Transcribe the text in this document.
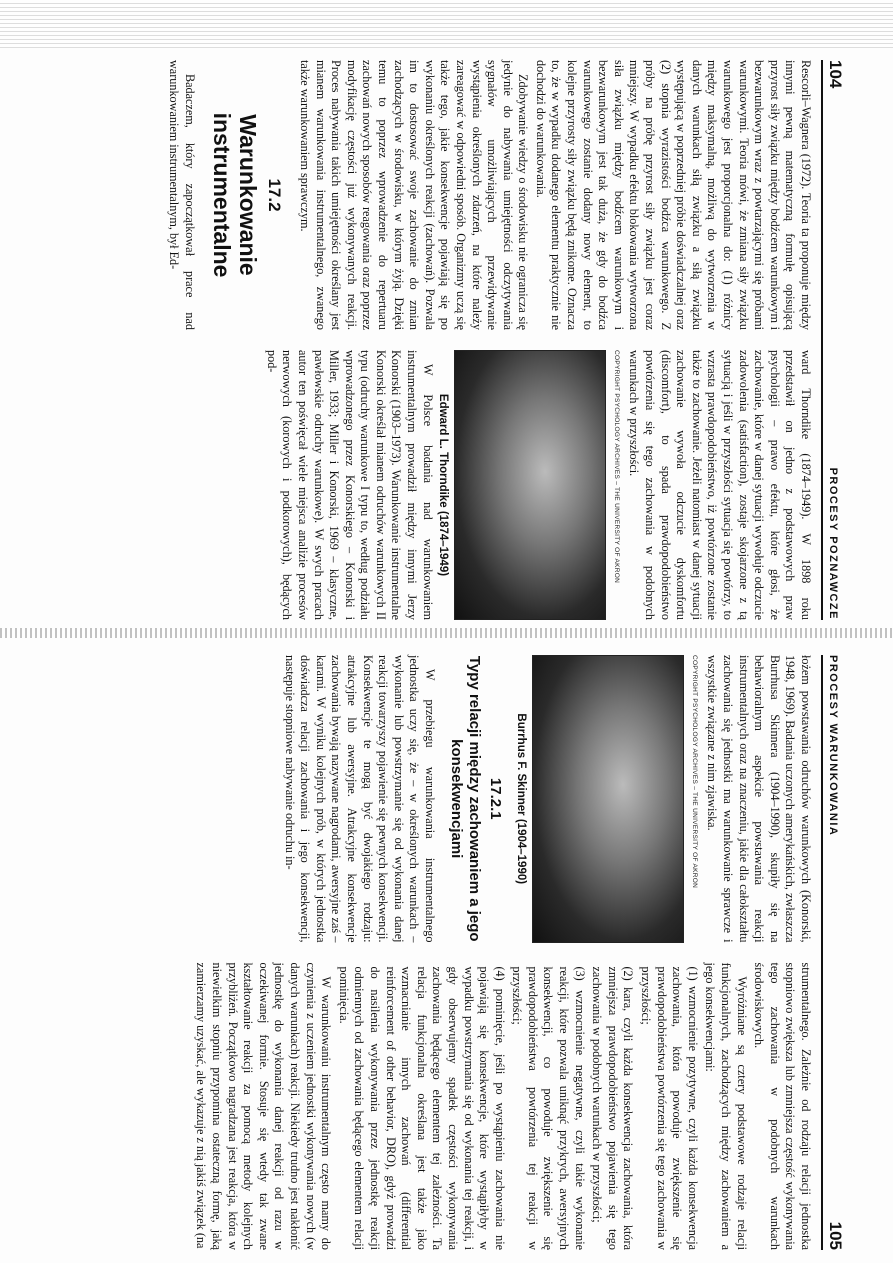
104
PROCESY POZNAWCZE

Rescorli–Wagnera (1972). Teoria ta proponuje między innymi pewną matematyczną formułę opisującą przyrost siły związku między bodźcem warunkowym i bezwarunkowym wraz z powtarzającymi się próbami warunkowymi. Teoria mówi, że zmiana siły związku warunkowego jest proporcjonalna do: (1) różnicy między maksymalną, możliwą do wytworzenia w danych warunkach siłą związku a siłą związku występującą w poprzedniej próbie doświadczalnej oraz (2) stopnia wyrazistości bodźca warunkowego. Z próby na próbę przyrost siły związku jest coraz mniejszy. W wypadku efektu blokowania wytworzona siła związku między bodźcem warunkowym i bezwarunkowym jest tak duża, że gdy do bodźca warunkowego zostanie dodany nowy element, to kolejne przyrosty siły związku będą znikome. Oznacza to, że w wypadku dodanego elementu praktycznie nie dochodzi do warunkowania.

Zdobywanie wiedzy o środowisku nie ogranicza się jedynie do nabywania umiejętności odczytywania sygnałów umożliwiających przewidywanie wystąpienia określonych zdarzeń, na które należy zareagować w odpowiedni sposób. Organizmy uczą się także tego, jakie konsekwencje pojawiają się po wykonaniu określonych reakcji (zachowań). Pozwala im to dostosować swoje zachowanie do zmian zachodzących w środowisku, w którym żyją. Dzięki temu to poprzez wprowadzenie do repertuaru zachowań nowych sposobów reagowania oraz poprzez modyfikację częstości już wykonywanych reakcji. Proces nabywania takich umiejętności określany jest mianem warunkowania instrumentalnego, zwanego także warunkowaniem sprawczym.

17.2
Warunkowanie instrumentalne

Badaczem, który zapoczątkował prace nad warunkowaniem instrumentalnym, był Ed-

ward Thorndike (1874–1949). W 1898 roku przedstawił on jedno z podstawowych praw psychologii – prawo efektu, które głosi, że zachowanie, które w danej sytuacji wywołuje odczucie zadowolenia (satisfaction), zostaje skojarzone z tą sytuacją i jeśli w przyszłości sytuacja się powtórzy, to wzrasta prawdopodobieństwo, iż powtórzone zostanie także to zachowanie. Jeżeli natomiast w danej sytuacji zachowanie wywoła odczucie dyskomfortu (discomfort), to spada prawdopodobieństwo powtórzenia się tego zachowania w podobnych warunkach w przyszłości.

COPYRIGHT PSYCHOLOGY ARCHIVES – THE UNIVERSITY OF AKRON
Edward L. Thorndike (1874–1949)

W Polsce badania nad warunkowaniem instrumentalnym prowadził między innymi Jerzy Konorski (1903–1973). Warunkowanie instrumentalne Konorski określał mianem odruchów warunkowych II typu (odruchy warunkowe I typu to, według podziału wprowadzonego przez Konorskiego – Konorski i Miller, 1933; Miller i Konorski, 1969 – klasyczne, pawłowskie odruchy warunkowe). W swych pracach autor ten poświęcał wiele miejsca analizie procesów nerwowych (korowych i podkorowych), będących pod-

PROCESY WARUNKOWANIA
105

łożem powstawania odruchów warunkowych (Konorski, 1948, 1969). Badania uczonych amerykańskich, zwłaszcza Burrhusa Skinnera (1904–1990), skupiły się na behawioralnym aspekcie powstawania reakcji instrumentalnych oraz na znaczeniu, jakie dla całokształtu zachowania się jednostki ma warunkowanie sprawcze i wszystkie związane z nim zjawiska.

COPYRIGHT PSYCHOLOGY ARCHIVES – THE UNIVERSITY OF AKRON
Burrhus F. Skinner (1904–1990)
17.2.1
Typy relacji między zachowaniem a jego konsekwencjami

W przebiegu warunkowania instrumentalnego jednostka uczy się, że – w określonych warunkach – wykonanie lub powstrzymanie się od wykonania danej reakcji towarzyszy pojawienie się pewnych konsekwencji. Konsekwencje te mogą być dwojakiego rodzaju: atrakcyjne lub awersyjne. Atrakcyjne konsekwencje zachowania bywają nazywane nagrodami, awersyjne zaś – karami. W wyniku kolejnych prób, w których jednostka doświadcza relacji zachowania i jego konsekwencji, następuje stopniowe nabywanie odruchu in-

strumentalnego. Zależnie od rodzaju relacji jednostka stopniowo zwiększa lub zmniejsza częstość wykonywania tego zachowania w podobnych warunkach środowiskowych.

Wyróżniane są cztery podstawowe rodzaje relacji funkcjonalnych, zachodzących między zachowaniem a jego konsekwencjami:

(1) wzmocnienie pozytywne, czyli każda konsekwencja zachowania, która powoduje zwiększenie się prawdopodobieństwa powtórzenia się tego zachowania w przyszłości;
(2) kara, czyli każda konsekwencja zachowania, która zmniejsza prawdopodobieństwo pojawienia się tego zachowania w podobnych warunkach w przyszłości;
(3) wzmocnienie negatywne, czyli takie wykonanie reakcji, które pozwala uniknąć przykrych, awersyjnych konsekwencji, co powoduje zwiększenie się prawdopodobieństwa powtórzenia tej reakcji w przyszłości;
(4) pominięcie, jeśli po wystąpieniu zachowania nie pojawiają się konsekwencje, które wystąpiłyby w wypadku powstrzymania się od wykonania tej reakcji, i gdy obserwujemy spadek częstości wykonywania zachowania będącego elementem tej zależności. Ta relacja funkcjonalna określana jest także jako wzmacnianie innych zachowań (differential reinforcement of other behavior, DRO), gdyż prowadzi do nasilenia wykonywania przez jednostkę reakcji odmiennych od zachowania będącego elementem relacji pominięcia.

W warunkowaniu instrumentalnym często mamy do czynienia z uczeniem jednostki wykonywania nowych (w danych warunkach) reakcji. Niekiedy trudno jest nakłonić jednostkę do wykonania danej reakcji od razu w oczekiwanej formie. Stosuje się wtedy tak zwane kształtowanie reakcji za pomocą metody kolejnych przybliżeń. Początkowo nagradzana jest reakcja, która w niewielkim stopniu przypomina ostateczną formę, jaką zamierzamy uzyskać, ale wykazuje z nią jakiś związek (na
